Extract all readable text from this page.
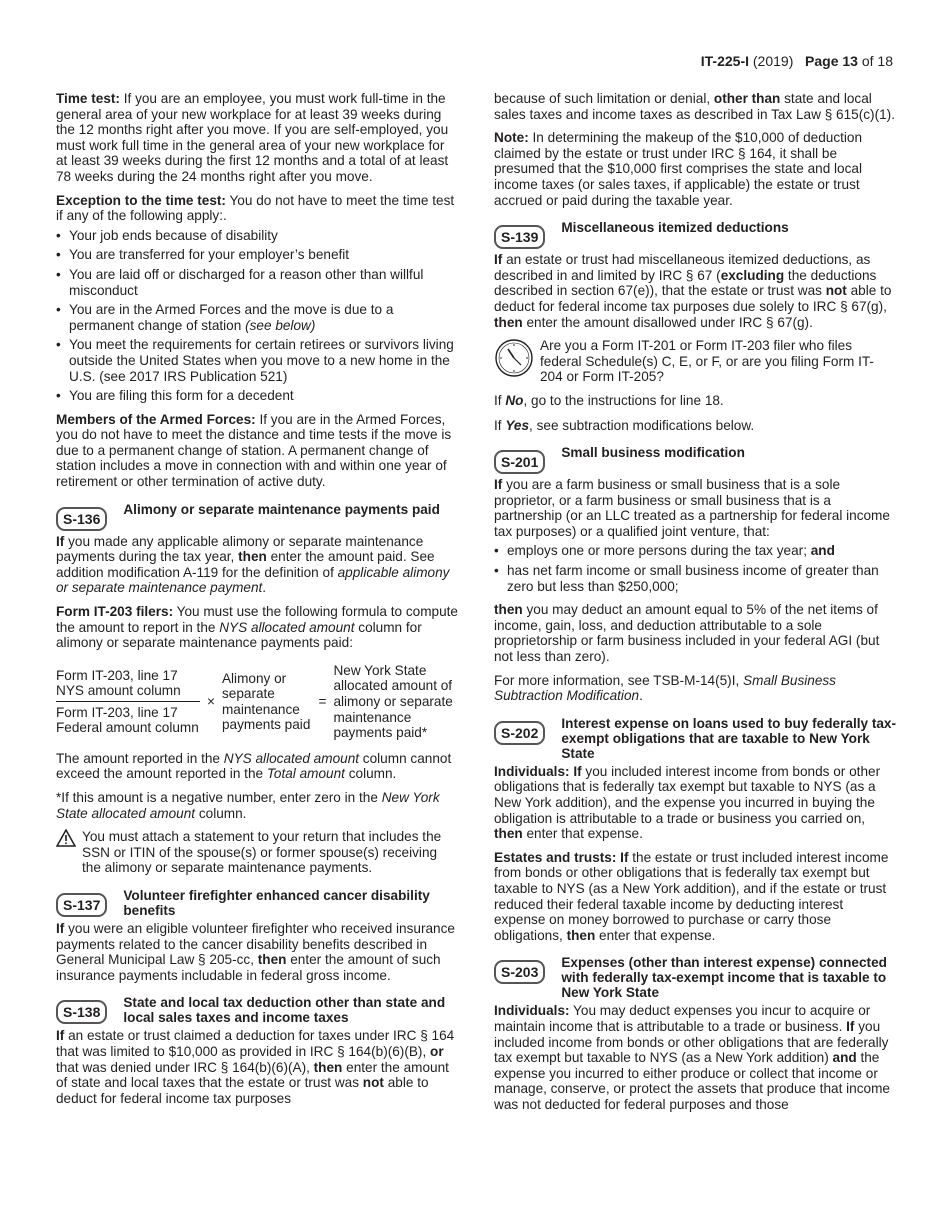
IT-225-I (2019) Page 13 of 18

Time test: If you are an employee, you must work full-time in the general area of your new workplace for at least 39 weeks during the 12 months right after you move. If you are self-employed, you must work full time in the general area of your new workplace for at least 39 weeks during the first 12 months and a total of at least 78 weeks during the 24 months right after you move.

Exception to the time test: You do not have to meet the time test if any of the following apply:.

• Your job ends because of disability
• You are transferred for your employer’s benefit
• You are laid off or discharged for a reason other than willful misconduct
• You are in the Armed Forces and the move is due to a permanent change of station (see below)
• You meet the requirements for certain retirees or survivors living outside the United States when you move to a new home in the U.S. (see 2017 IRS Publication 521)
• You are filing this form for a decedent

Members of the Armed Forces: If you are in the Armed Forces, you do not have to meet the distance and time tests if the move is due to a permanent change of station. A permanent change of station includes a move in connection with and within one year of retirement or other termination of active duty.

S-136
Alimony or separate maintenance payments paid

If you made any applicable alimony or separate maintenance payments during the tax year, then enter the amount paid. See addition modification A-119 for the definition of applicable alimony or separate maintenance payment.

Form IT-203 filers: You must use the following formula to compute the amount to report in the NYS allocated amount column for alimony or separate maintenance payments paid:

$\frac{\text{Form IT-203, line 17 NYS amount column}}{\text{Form IT-203, line 17 Federal amount column}}$ ×
Alimony or separate maintenance payments paid
=
New York State allocated amount of alimony or separate maintenance payments paid*

The amount reported in the NYS allocated amount column cannot exceed the amount reported in the Total amount column.

*If this amount is a negative number, enter zero in the New York State allocated amount column.

You must attach a statement to your return that includes the SSN or ITIN of the spouse(s) or former spouse(s) receiving the alimony or separate maintenance payments.
S-137
Volunteer firefighter enhanced cancer disability benefits

If you were an eligible volunteer firefighter who received insurance payments related to the cancer disability benefits described in General Municipal Law § 205-cc, then enter the amount of such insurance payments includable in federal gross income.

S-138
State and local tax deduction other than state and local sales taxes and income taxes

If an estate or trust claimed a deduction for taxes under IRC § 164 that was limited to $10,000 as provided in IRC § 164(b)(6)(B), or that was denied under IRC § 164(b)(6)(A), then enter the amount of state and local taxes that the estate or trust was not able to deduct for federal income tax purposes

because of such limitation or denial, other than state and local sales taxes and income taxes as described in Tax Law § 615(c)(1).

Note: In determining the makeup of the $10,000 of deduction claimed by the estate or trust under IRC § 164, it shall be presumed that the $10,000 first comprises the state and local income taxes (or sales taxes, if applicable) the estate or trust accrued or paid during the taxable year.

S-139
Miscellaneous itemized deductions

If an estate or trust had miscellaneous itemized deductions, as described in and limited by IRC § 67 (excluding the deductions described in section 67(e)), that the estate or trust was not able to deduct for federal income tax purposes due solely to IRC § 67(g), then enter the amount disallowed under IRC § 67(g).

Are you a Form IT-201 or Form IT-203 filer who files federal Schedule(s) C, E, or F, or are you filing Form IT-204 or Form IT-205?

If No, go to the instructions for line 18.

If Yes, see subtraction modifications below.

S-201
Small business modification

If you are a farm business or small business that is a sole proprietor, or a farm business or small business that is a partnership (or an LLC treated as a partnership for federal income tax purposes) or a qualified joint venture, that:

• employs one or more persons during the tax year; and
• has net farm income or small business income of greater than zero but less than $250,000;

then you may deduct an amount equal to 5% of the net items of income, gain, loss, and deduction attributable to a sole proprietorship or farm business included in your federal AGI (but not less than zero).

For more information, see TSB-M-14(5)I, Small Business Subtraction Modification.

S-202
Interest expense on loans used to buy federally tax-exempt obligations that are taxable to New York State

Individuals: If you included interest income from bonds or other obligations that is federally tax exempt but taxable to NYS (as a New York addition), and the expense you incurred in buying the obligation is attributable to a trade or business you carried on, then enter that expense.

Estates and trusts: If the estate or trust included interest income from bonds or other obligations that is federally tax exempt but taxable to NYS (as a New York addition), and if the estate or trust reduced their federal taxable income by deducting interest expense on money borrowed to purchase or carry those obligations, then enter that expense.

S-203
Expenses (other than interest expense) connected with federally tax-exempt income that is taxable to New York State

Individuals: You may deduct expenses you incur to acquire or maintain income that is attributable to a trade or business. If you included income from bonds or other obligations that are federally tax exempt but taxable to NYS (as a New York addition) and the expense you incurred to either produce or collect that income or manage, conserve, or protect the assets that produce that income was not deducted for federal purposes and those
